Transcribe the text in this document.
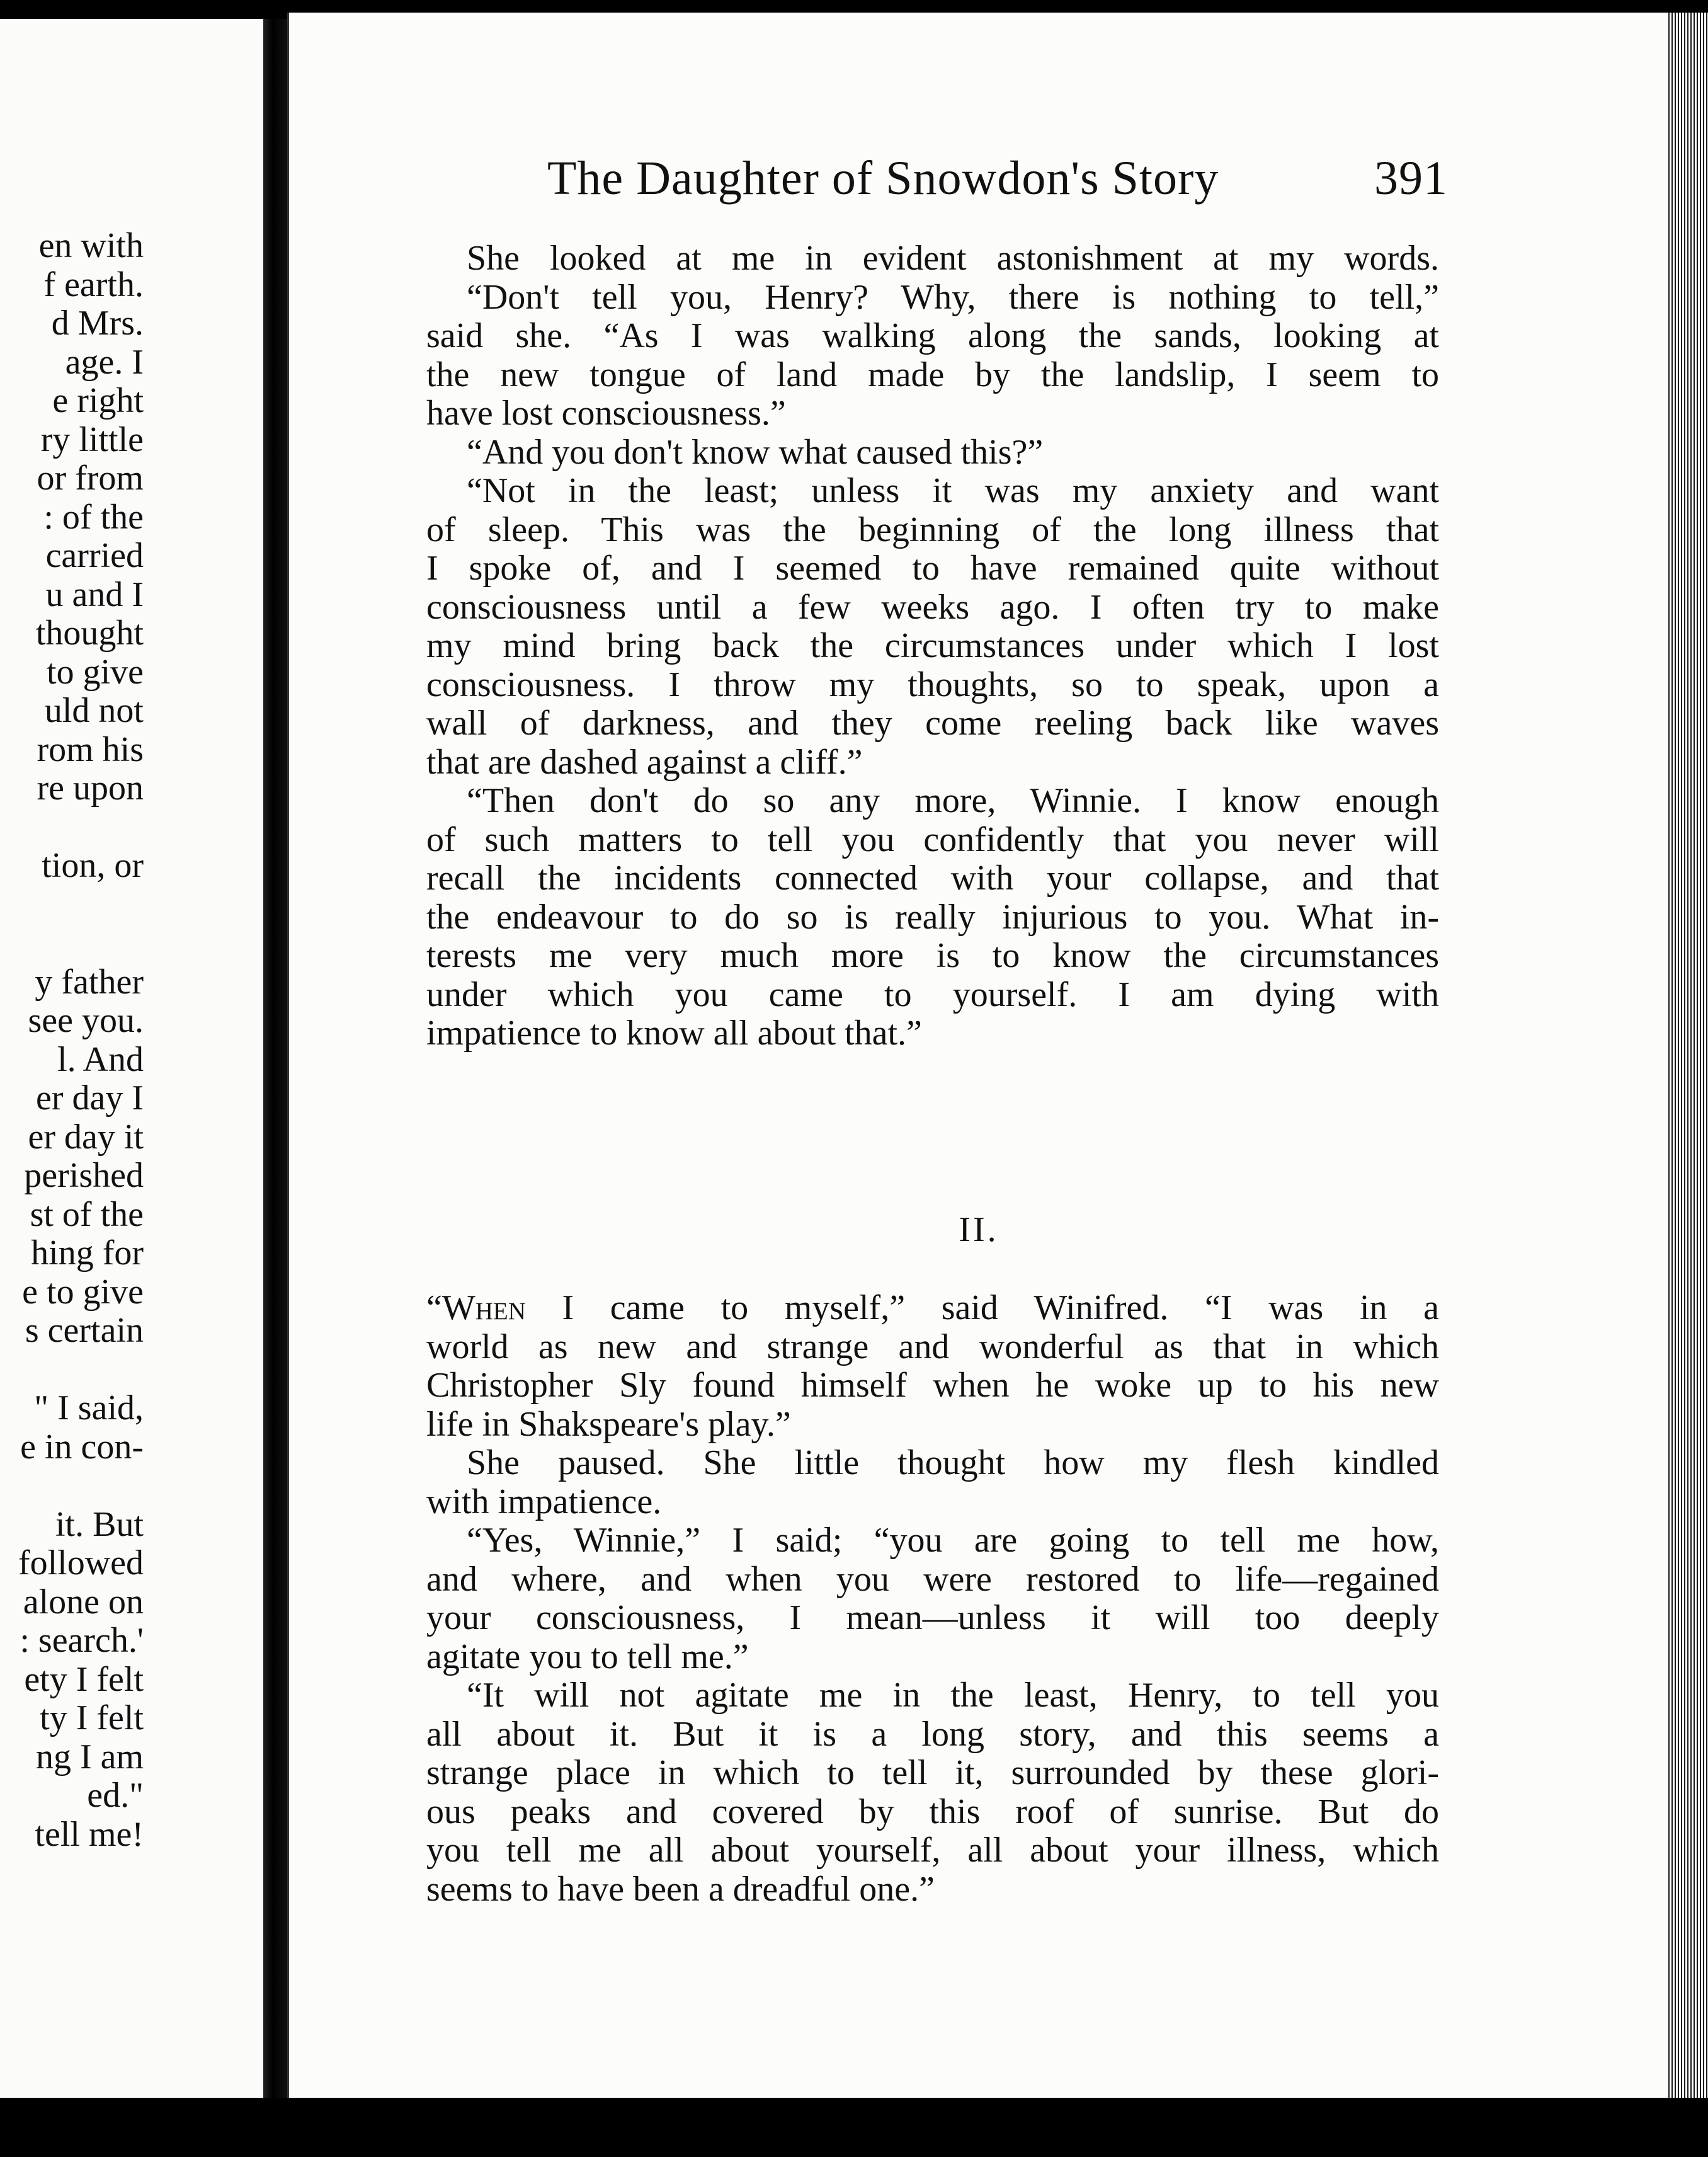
en with
f earth.
d Mrs.
age. I
e right
ry little
or from
: of the
carried
u and I
thought
to give
uld not
rom his
re upon
tion, or
y father
see you.
l. And
er day I
er day it
perished
st of the
hing for
e to give
s certain
" I said,
e in con-
it. But
followed
alone on
: search.'
ety I felt
ty I felt
ng I am
ed."
tell me!
The Daughter of Snowdon's Story	391
She looked at me in evident astonishment at my words.
“Don't tell you, Henry? Why, there is nothing to tell,”
said she. “As I was walking along the sands, looking at
the new tongue of land made by the landslip, I seem to
have lost consciousness.”
“And you don't know what caused this?”
“Not in the least; unless it was my anxiety and want
of sleep. This was the beginning of the long illness that
I spoke of, and I seemed to have remained quite without
consciousness until a few weeks ago. I often try to make
my mind bring back the circumstances under which I lost
consciousness. I throw my thoughts, so to speak, upon a
wall of darkness, and they come reeling back like waves
that are dashed against a cliff.”
“Then don't do so any more, Winnie. I know enough
of such matters to tell you confidently that you never will
recall the incidents connected with your collapse, and that
the endeavour to do so is really injurious to you. What in-
terests me very much more is to know the circumstances
under which you came to yourself. I am dying with
impatience to know all about that.”
II.
“When I came to myself,” said Winifred. “I was in a
world as new and strange and wonderful as that in which
Christopher Sly found himself when he woke up to his new
life in Shakspeare's play.”
She paused. She little thought how my flesh kindled
with impatience.
“Yes, Winnie,” I said; “you are going to tell me how,
and where, and when you were restored to life—regained
your consciousness, I mean—unless it will too deeply
agitate you to tell me.”
“It will not agitate me in the least, Henry, to tell you
all about it. But it is a long story, and this seems a
strange place in which to tell it, surrounded by these glori-
ous peaks and covered by this roof of sunrise. But do
you tell me all about yourself, all about your illness, which
seems to have been a dreadful one.”
